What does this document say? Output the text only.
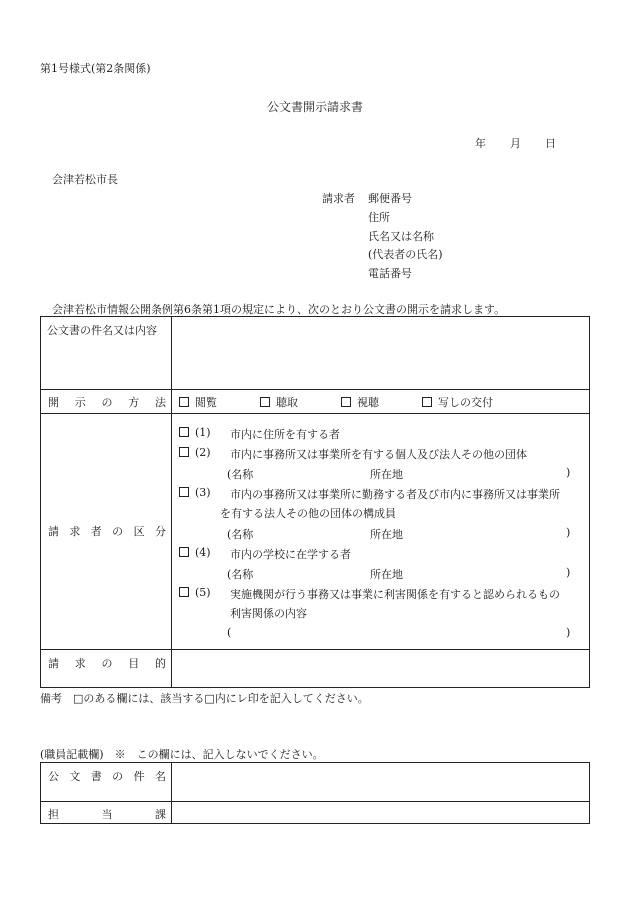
第1号様式(第2条関係)
公文書開示請求書
年 月 日
会津若松市長
請求者 郵便番号
住所
氏名又は名称
(代表者の氏名)
電話番号
会津若松市情報公開条例第6条第1項の規定により、次のとおり公文書の開示を請求します。
公文書の件名又は内容
開 示 の 方 法	閲覧	聴取	視聴	写しの交付
請 求 者 の 区 分
(1) 市内に住所を有する者
(2) 市内に事務所又は事業所を有する個人及び法人その他の団体
(名称	所在地	)
(3) 市内の事務所又は事業所に勤務する者及び市内に事務所又は事業所
を有する法人その他の団体の構成員
(名称	所在地	)
(4) 市内の学校に在学する者
(名称	所在地	)
(5) 実施機関が行う事務又は事業に利害関係を有すると認められるもの
利害関係の内容
(	)
請 求 の 目 的
備考　□のある欄には、該当する□内にレ印を記入してください。
(職員記載欄)　※　この欄には、記入しないでください。
公 文 書 の 件 名
担	当	課
